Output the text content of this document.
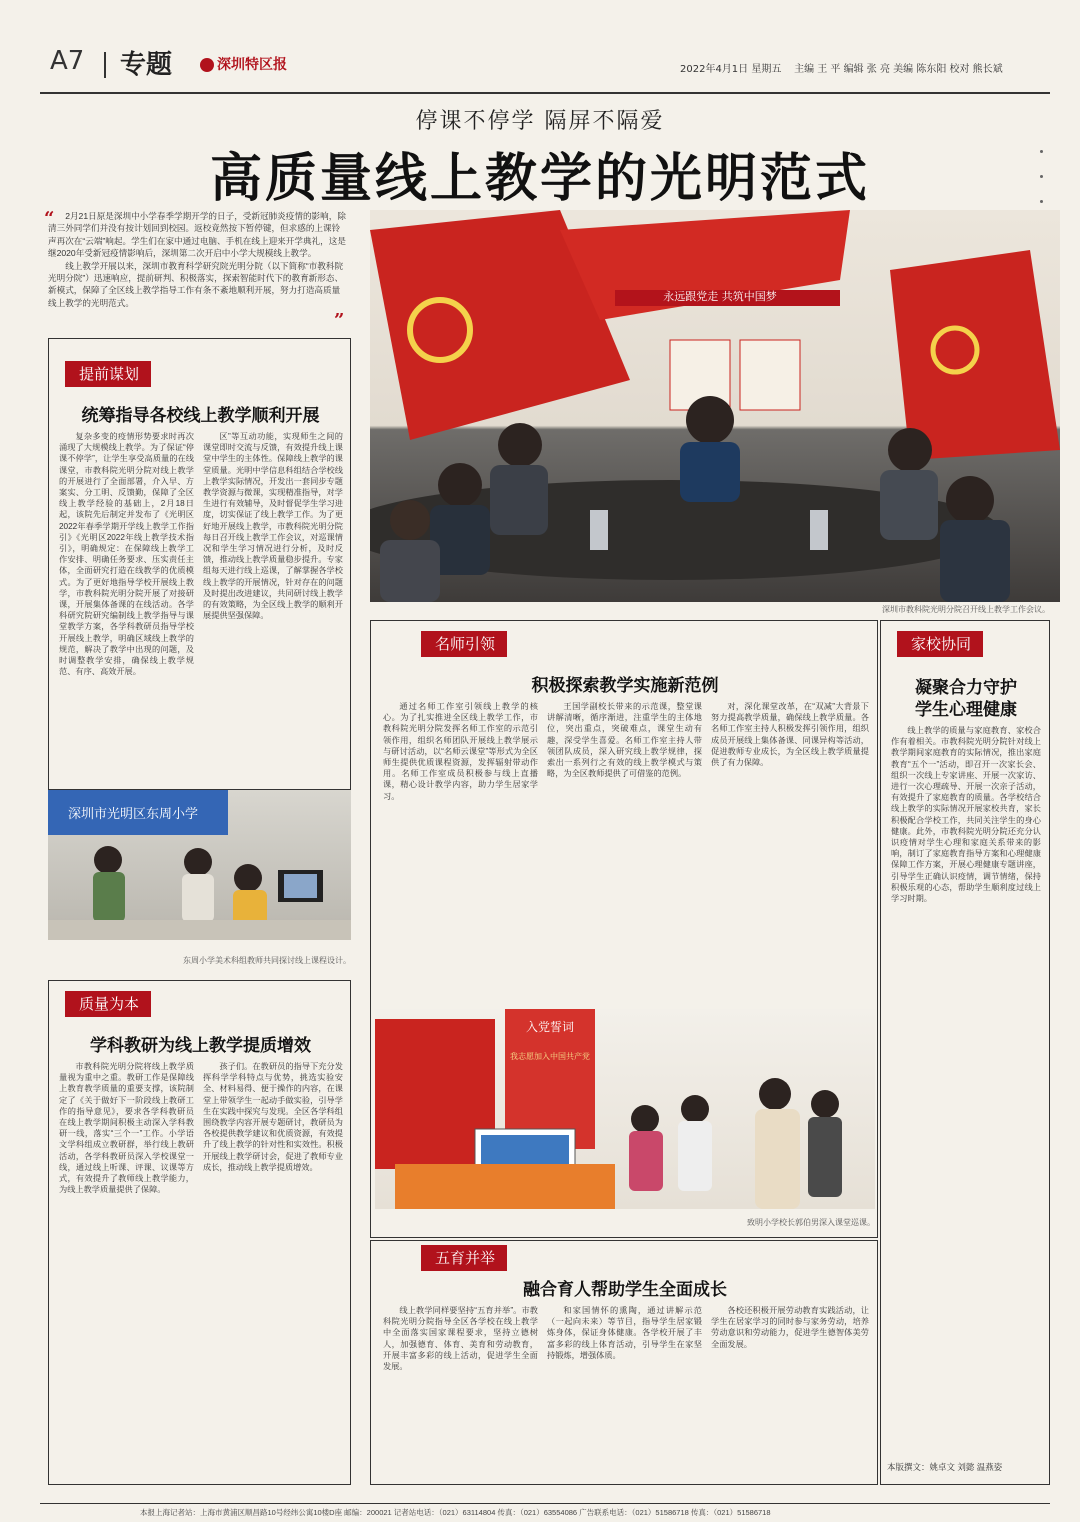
A7 专题	深圳特区报	2022年4月1日 星期五 主编 王 平 编辑 张 亮 美编 陈东阳 校对 熊长斌
停课不停学 隔屏不隔爱
高质量线上教学的光明范式
“	2月21日原是深圳中小学春季学期开学的日子，受新冠肺炎疫情的影响，除清三外同学们并没有按计划回到校园。返校竟然按下暂停键，但求感的上课铃声再次在“云端”响起。学生们在家中通过电脑、手机在线上迎来开学典礼，这是继2020年受新冠疫情影响后，深圳第二次开启中小学大规模线上教学。

线上教学开展以来，深圳市教育科学研究院光明分院（以下简称“市教科院光明分院”）迅速响应，提前研判、积极落实，探索智能时代下的教育新形态、新模式，保障了全区线上教学指导工作有条不紊地顺利开展，努力打造高质量线上教学的光明范式。

”
永远跟党走 共筑中国梦
深圳市教科院光明分院召开线上教学工作会议。
提前谋划
统筹指导各校线上教学顺利开展
复杂多变的疫情形势要求时再次涌现了大规模线上教学。为了保证“停课不停学”，让学生享受高质量的在线课堂，市教科院光明分院对线上教学的开展进行了全面部署，介入早、方案实、分工明、反馈勤，保障了全区线上教学经验的基础上，2月18日起，该院先后制定并发布了《光明区2022年春季学期开学线上教学工作指引》《光明区2022年线上教学技术指引》，明确规定：在保障线上教学工作安排、明确任务要求、压实责任主体，全面研究打造在线教学的优质模式。为了更好地指导学校开展线上教学，市教科院光明分院开展了对接研课，开展集体备课的在线活动。各学科研究院研究编制线上教学指导与课堂教学方案，各学科教研员指导学校开展线上教学，明确区域线上教学的规范，解决了教学中出现的问题，及时调整教学安排，确保线上教学规范、有序、高效开展。
区”等互动功能，实现师生之间的课堂即时交流与反馈，有效提升线上课堂中学生的主体性。保障线上教学的课堂质量。光明中学信息科组结合学校线上教学实际情况，开发出一套同步专题教学资源与微课，实现精准指导，对学生进行有效辅导，及时督促学生学习进度，切实保证了线上教学工作。为了更好地开展线上教学，市教科院光明分院每日召开线上教学工作会议，对巡课情况和学生学习情况进行分析，及时反馈，推动线上教学质量稳步提升。专家组每天进行线上巡课，了解掌握各学校线上教学的开展情况，针对存在的问题及时提出改进建议，共同研讨线上教学的有效策略，为全区线上教学的顺利开展提供坚强保障。
深圳市光明区东周小学
东周小学美术科组教师共同探讨线上课程设计。
质量为本
学科教研为线上教学提质增效
市教科院光明分院将线上教学质量视为重中之重。教研工作是保障线上教育教学质量的重要支撑，该院制定了《关于做好下一阶段线上教研工作的指导意见》，要求各学科教研员在线上教学期间积极主动深入学科教研一线，落实“三个一”工作。小学语文学科组成立教研群，举行线上教研活动，各学科教研员深入学校课堂一线，通过线上听课、评课、议课等方式，有效提升了教师线上教学能力，为线上教学质量提供了保障。
孩子们。在教研员的指导下充分发挥科学学科特点与优势，挑选实验安全、材料易得、便于操作的内容，在课堂上带领学生一起动手做实验，引导学生在实践中探究与发现。全区各学科组围绕教学内容开展专题研讨，教研员为各校提供教学建议和优质资源，有效提升了线上教学的针对性和实效性。积极开展线上教学研讨会，促进了教师专业成长，推动线上教学提质增效。
名师引领
积极探索教学实施新范例
通过名师工作室引领线上教学的核心。为了扎实推进全区线上教学工作，市教科院光明分院发挥名师工作室的示范引领作用，组织名师团队开展线上教学展示与研讨活动，以“名师云课堂”等形式为全区师生提供优质课程资源，发挥辐射带动作用。名师工作室成员积极参与线上直播课，精心设计教学内容，助力学生居家学习。
王国学副校长带来的示范课，整堂课讲解清晰，循序渐进，注重学生的主体地位，突出重点，突破难点，课堂生动有趣，深受学生喜爱。名师工作室主持人带领团队成员，深入研究线上教学规律，探索出一系列行之有效的线上教学模式与策略，为全区教师提供了可借鉴的范例。
对，深化课堂改革，在“双减”大背景下努力提高教学质量，确保线上教学质量。各名师工作室主持人积极发挥引领作用，组织成员开展线上集体备课、同课异构等活动，促进教师专业成长，为全区线上教学质量提供了有力保障。
入党誓词
我志愿加入中国共产党
致明小学校长郭伯男深入课堂巡课。
五育并举
融合育人帮助学生全面成长
线上教学同样要坚持“五育并举”。市教科院光明分院指导全区各学校在线上教学中全面落实国家课程要求，坚持立德树人，加强德育、体育、美育和劳动教育，开展丰富多彩的线上活动，促进学生全面发展。
和家国情怀的熏陶，通过讲解示范（一起向未来）等节目，指导学生居家锻炼身体，保证身体健康。各学校开展了丰富多彩的线上体育活动，引导学生在家坚持锻炼，增强体质。
各校还积极开展劳动教育实践活动，让学生在居家学习的同时参与家务劳动，培养劳动意识和劳动能力，促进学生德智体美劳全面发展。
家校协同
凝聚合力守护
学生心理健康
线上教学的质量与家庭教育、家校合作有着相关。市教科院光明分院针对线上教学期间家庭教育的实际情况，推出家庭教育“五个一”活动，即召开一次家长会、组织一次线上专家讲座、开展一次家访、进行一次心理疏导、开展一次亲子活动，有效提升了家庭教育的质量。各学校结合线上教学的实际情况开展家校共育，家长积极配合学校工作，共同关注学生的身心健康。此外，市教科院光明分院还充分认识疫情对学生心理和家庭关系带来的影响，制订了家庭教育指导方案和心理健康保障工作方案，开展心理健康专题讲座，引导学生正确认识疫情，调节情绪，保持积极乐观的心态，帮助学生顺利度过线上学习时期。
本版撰文：姚卓文 刘懿 温燕姿
本报上海记者站：上海市黄浦区顺昌路10号经纬公寓10楼D座 邮编：200021 记者站电话：（021）63114804 传真：（021）63554086 广告联系电话：（021）51586718 传真：（021）51586718
